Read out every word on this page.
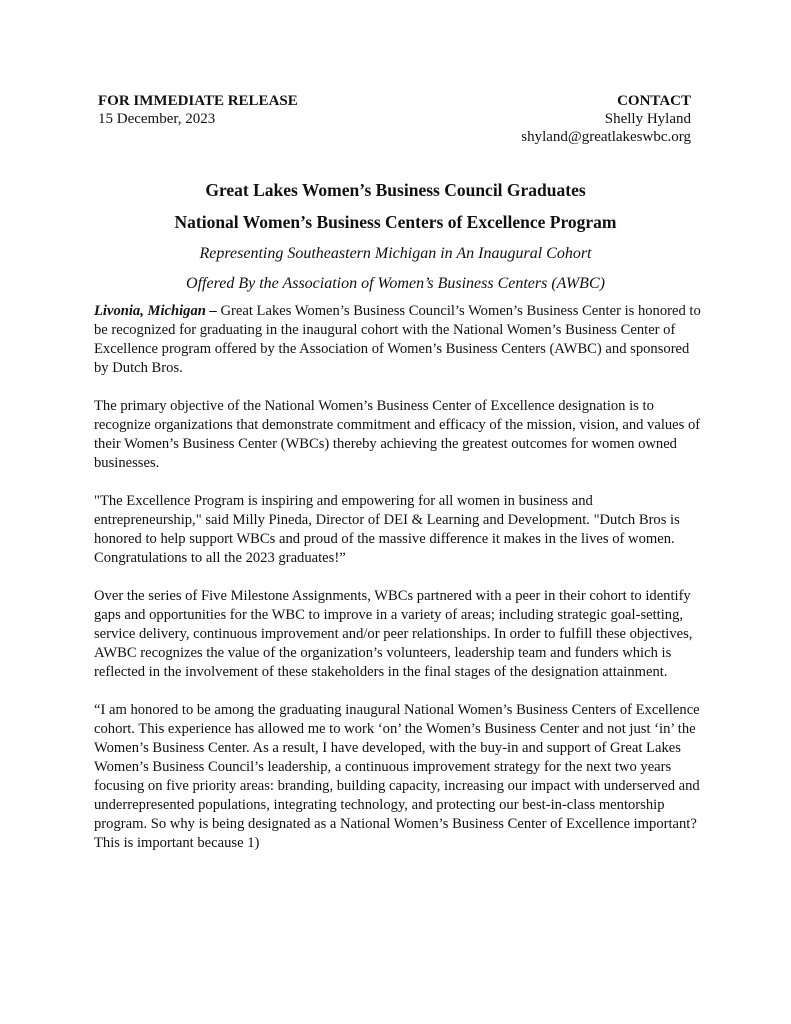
FOR IMMEDIATE RELEASE
15 December, 2023
CONTACT
Shelly Hyland
shyland@greatlakeswbc.org
Great Lakes Women’s Business Council Graduates
National Women’s Business Centers of Excellence Program
Representing Southeastern Michigan in An Inaugural Cohort
Offered By the Association of Women’s Business Centers (AWBC)

Livonia, Michigan – Great Lakes Women’s Business Council’s Women’s Business Center is honored to be recognized for graduating in the inaugural cohort with the National Women’s Business Center of Excellence program offered by the Association of Women’s Business Centers (AWBC) and sponsored by Dutch Bros.

The primary objective of the National Women’s Business Center of Excellence designation is to recognize organizations that demonstrate commitment and efficacy of the mission, vision, and values of their Women’s Business Center (WBCs) thereby achieving the greatest outcomes for women owned businesses.

"The Excellence Program is inspiring and empowering for all women in business and entrepreneurship," said Milly Pineda, Director of DEI & Learning and Development. "Dutch Bros is honored to help support WBCs and proud of the massive difference it makes in the lives of women. Congratulations to all the 2023 graduates!”

Over the series of Five Milestone Assignments, WBCs partnered with a peer in their cohort to identify gaps and opportunities for the WBC to improve in a variety of areas; including strategic goal-setting, service delivery, continuous improvement and/or peer relationships. In order to fulfill these objectives, AWBC recognizes the value of the organization’s volunteers, leadership team and funders which is reflected in the involvement of these stakeholders in the final stages of the designation attainment.

“I am honored to be among the graduating inaugural National Women’s Business Centers of Excellence cohort. This experience has allowed me to work ‘on’ the Women’s Business Center and not just ‘in’ the Women’s Business Center. As a result, I have developed, with the buy-in and support of Great Lakes Women’s Business Council’s leadership, a continuous improvement strategy for the next two years focusing on five priority areas: branding, building capacity, increasing our impact with underserved and underrepresented populations, integrating technology, and protecting our best-in-class mentorship program. So why is being designated as a National Women’s Business Center of Excellence important? This is important because 1)
